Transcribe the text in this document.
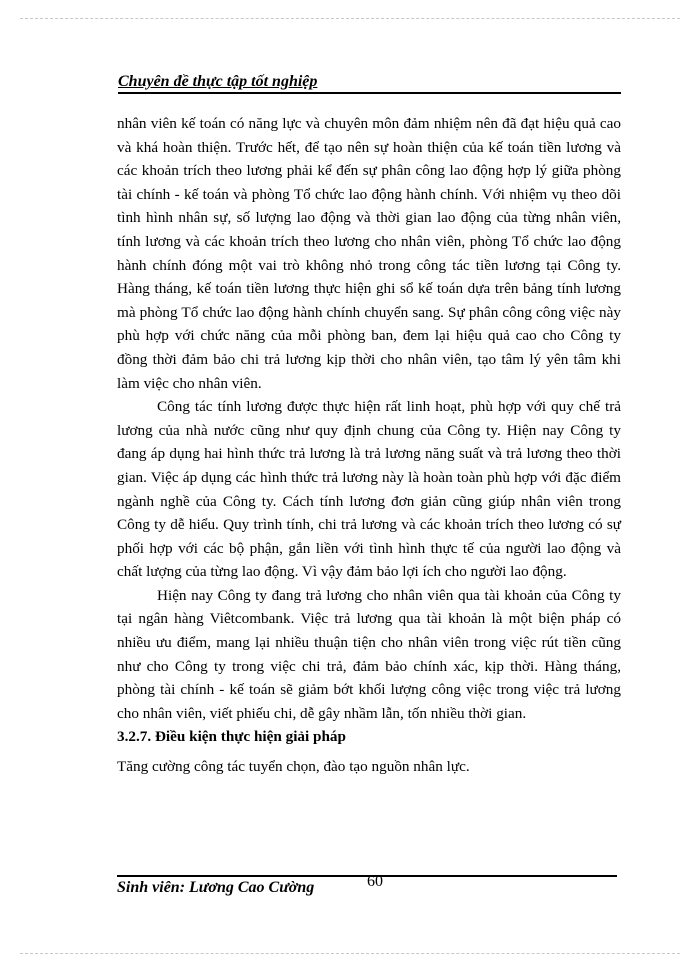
Chuyên đề thực tập tốt nghiệp

nhân viên kế toán có năng lực và chuyên môn đảm nhiệm nên đã đạt hiệu quả cao và khá hoàn thiện. Trước hết, để tạo nên sự hoàn thiện của kế toán tiền lương và các khoản trích theo lương phải kể đến sự phân công lao động hợp lý giữa phòng tài chính - kế toán và phòng Tổ chức lao động hành chính. Với nhiệm vụ theo dõi tình hình nhân sự, số lượng lao động và thời gian lao động của từng nhân viên, tính lương và các khoản trích theo lương cho nhân viên, phòng Tổ chức lao động hành chính đóng một vai trò không nhỏ trong công tác tiền lương tại Công ty. Hàng tháng, kế toán tiền lương thực hiện ghi sổ kế toán dựa trên bảng tính lương mà phòng Tổ chức lao động hành chính chuyển sang. Sự phân công công việc này phù hợp với chức năng của mỗi phòng ban, đem lại hiệu quả cao cho Công ty đồng thời đảm bảo chi trả lương kịp thời cho nhân viên, tạo tâm lý yên tâm khi làm việc cho nhân viên.

Công tác tính lương được thực hiện rất linh hoạt, phù hợp với quy chế trả lương của nhà nước cũng như quy định chung của Công ty. Hiện nay Công ty đang áp dụng hai hình thức trả lương là trả lương năng suất và trả lương theo thời gian. Việc áp dụng các hình thức trả lương này là hoàn toàn phù hợp với đặc điểm ngành nghề của Công ty. Cách tính lương đơn giản cũng giúp nhân viên trong Công ty dễ hiểu. Quy trình tính, chi trả lương và các khoản trích theo lương có sự phối hợp với các bộ phận, gắn liền với tình hình thực tế của người lao động và chất lượng của từng lao động. Vì vậy đảm bảo lợi ích cho người lao động.

Hiện nay Công ty đang trả lương cho nhân viên qua tài khoản của Công ty tại ngân hàng Viêtcombank. Việc trả lương qua tài khoản là một biện pháp có nhiều ưu điểm, mang lại nhiều thuận tiện cho nhân viên trong việc rút tiền cũng như cho Công ty trong việc chi trả, đảm bảo chính xác, kịp thời. Hàng tháng, phòng tài chính - kế toán sẽ giảm bớt khối lượng công việc trong việc trả lương cho nhân viên, viết phiếu chi, dễ gây nhầm lẫn, tốn nhiều thời gian.

3.2.7. Điều kiện thực hiện giải pháp

Tăng cường công tác tuyển chọn, đào tạo nguồn nhân lực.

Sinh viên: Lương Cao Cường	60
